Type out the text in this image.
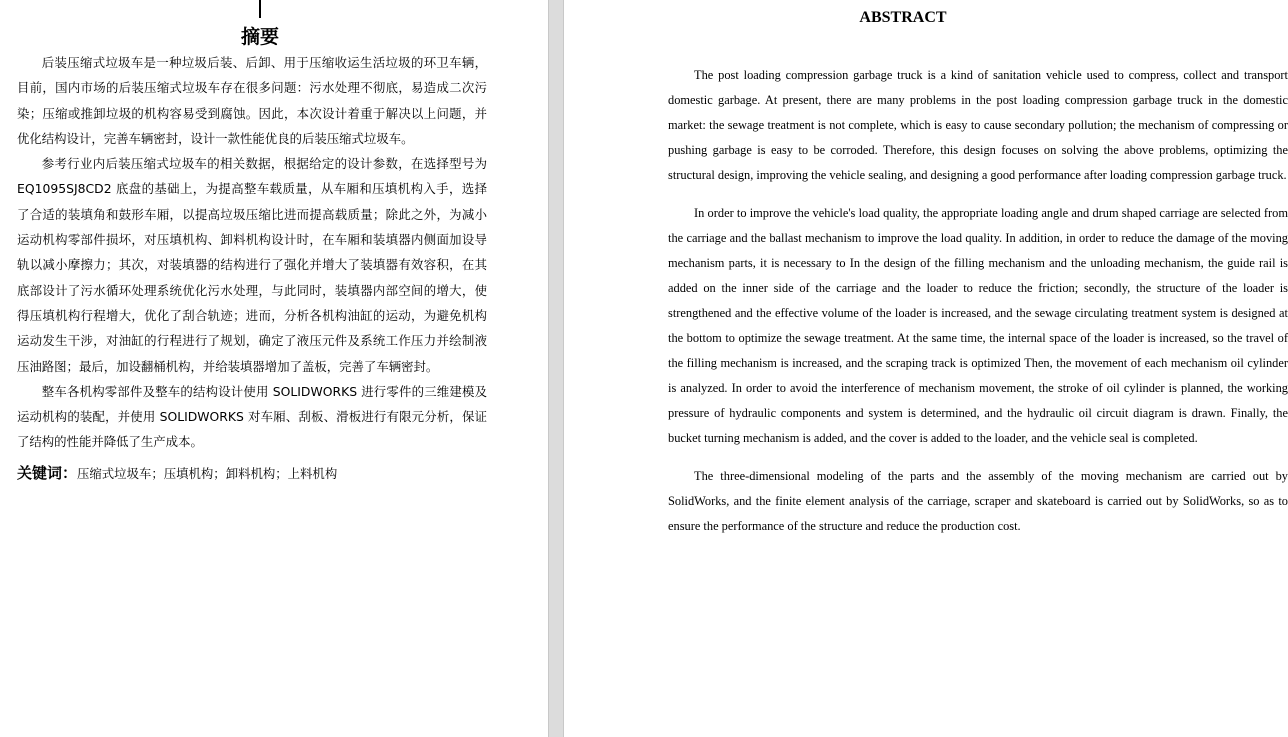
摘要

后装压缩式垃圾车是一种垃圾后装、后卸、用于压缩收运生活垃圾的环卫车辆，目前，国内市场的后装压缩式垃圾车存在很多问题：污水处理不彻底，易造成二次污染；压缩或推卸垃圾的机构容易受到腐蚀。因此，本次设计着重于解决以上问题，并优化结构设计，完善车辆密封，设计一款性能优良的后装压缩式垃圾车。

参考行业内后装压缩式垃圾车的相关数据，根据给定的设计参数，在选择型号为EQ1095SJ8CD2 底盘的基础上，为提高整车载质量，从车厢和压填机构入手，选择了合适的装填角和鼓形车厢，以提高垃圾压缩比进而提高载质量；除此之外，为减小运动机构零部件损坏，对压填机构、卸料机构设计时，在车厢和装填器内侧面加设导轨以减小摩擦力；其次，对装填器的结构进行了强化并增大了装填器有效容积，在其底部设计了污水循环处理系统优化污水处理，与此同时，装填器内部空间的增大，使得压填机构行程增大，优化了刮合轨迹；进而，分析各机构油缸的运动，为避免机构运动发生干涉，对油缸的行程进行了规划，确定了液压元件及系统工作压力并绘制液压油路图；最后，加设翻桶机构，并给装填器增加了盖板，完善了车辆密封。

整车各机构零部件及整车的结构设计使用 SOLIDWORKS 进行零件的三维建模及运动机构的装配，并使用 SOLIDWORKS 对车厢、刮板、滑板进行有限元分析，保证了结构的性能并降低了生产成本。

关键词：压缩式垃圾车；压填机构；卸料机构；上料机构
ABSTRACT

The post loading compression garbage truck is a kind of sanitation vehicle used to compress, collect and transport domestic garbage. At present, there are many problems in the post loading compression garbage truck in the domestic market: the sewage treatment is not complete, which is easy to cause secondary pollution; the mechanism of compressing or pushing garbage is easy to be corroded. Therefore, this design focuses on solving the above problems, optimizing the structural design, improving the vehicle sealing, and designing a good performance after loading compression garbage truck.

In order to improve the vehicle's load quality, the appropriate loading angle and drum shaped carriage are selected from the carriage and the ballast mechanism to improve the load quality. In addition, in order to reduce the damage of the moving mechanism parts, it is necessary to In the design of the filling mechanism and the unloading mechanism, the guide rail is added on the inner side of the carriage and the loader to reduce the friction; secondly, the structure of the loader is strengthened and the effective volume of the loader is increased, and the sewage circulating treatment system is designed at the bottom to optimize the sewage treatment. At the same time, the internal space of the loader is increased, so the travel of the filling mechanism is increased, and the scraping track is optimized Then, the movement of each mechanism oil cylinder is analyzed. In order to avoid the interference of mechanism movement, the stroke of oil cylinder is planned, the working pressure of hydraulic components and system is determined, and the hydraulic oil circuit diagram is drawn. Finally, the bucket turning mechanism is added, and the cover is added to the loader, and the vehicle seal is completed.

The three-dimensional modeling of the parts and the assembly of the moving mechanism are carried out by SolidWorks, and the finite element analysis of the carriage, scraper and skateboard is carried out by SolidWorks, so as to ensure the performance of the structure and reduce the production cost.
